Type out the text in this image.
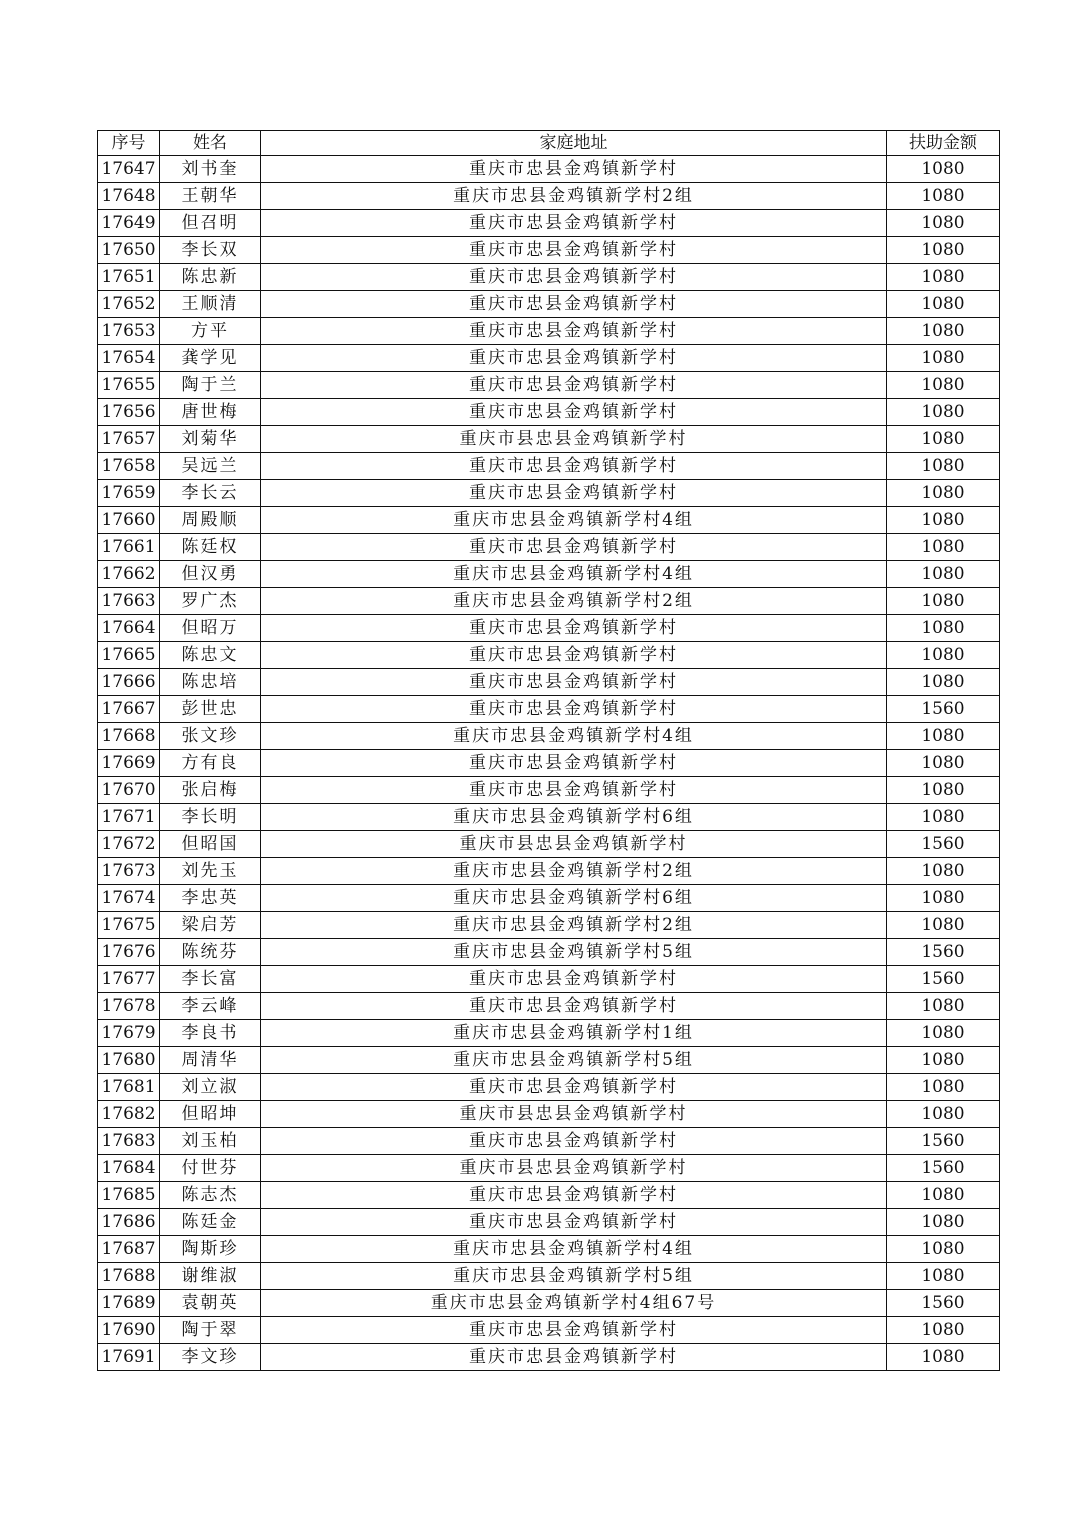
序号	姓名	家庭地址	扶助金额
17647	刘书奎	重庆市忠县金鸡镇新学村	1080
17648	王朝华	重庆市忠县金鸡镇新学村2组	1080
17649	但召明	重庆市忠县金鸡镇新学村	1080
17650	李长双	重庆市忠县金鸡镇新学村	1080
17651	陈忠新	重庆市忠县金鸡镇新学村	1080
17652	王顺清	重庆市忠县金鸡镇新学村	1080
17653	方平	重庆市忠县金鸡镇新学村	1080
17654	龚学见	重庆市忠县金鸡镇新学村	1080
17655	陶于兰	重庆市忠县金鸡镇新学村	1080
17656	唐世梅	重庆市忠县金鸡镇新学村	1080
17657	刘菊华	重庆市县忠县金鸡镇新学村	1080
17658	吴远兰	重庆市忠县金鸡镇新学村	1080
17659	李长云	重庆市忠县金鸡镇新学村	1080
17660	周殿顺	重庆市忠县金鸡镇新学村4组	1080
17661	陈廷权	重庆市忠县金鸡镇新学村	1080
17662	但汉勇	重庆市忠县金鸡镇新学村4组	1080
17663	罗广杰	重庆市忠县金鸡镇新学村2组	1080
17664	但昭万	重庆市忠县金鸡镇新学村	1080
17665	陈忠文	重庆市忠县金鸡镇新学村	1080
17666	陈忠培	重庆市忠县金鸡镇新学村	1080
17667	彭世忠	重庆市忠县金鸡镇新学村	1560
17668	张文珍	重庆市忠县金鸡镇新学村4组	1080
17669	方有良	重庆市忠县金鸡镇新学村	1080
17670	张启梅	重庆市忠县金鸡镇新学村	1080
17671	李长明	重庆市忠县金鸡镇新学村6组	1080
17672	但昭国	重庆市县忠县金鸡镇新学村	1560
17673	刘先玉	重庆市忠县金鸡镇新学村2组	1080
17674	李忠英	重庆市忠县金鸡镇新学村6组	1080
17675	梁启芳	重庆市忠县金鸡镇新学村2组	1080
17676	陈统芬	重庆市忠县金鸡镇新学村5组	1560
17677	李长富	重庆市忠县金鸡镇新学村	1560
17678	李云峰	重庆市忠县金鸡镇新学村	1080
17679	李良书	重庆市忠县金鸡镇新学村1组	1080
17680	周清华	重庆市忠县金鸡镇新学村5组	1080
17681	刘立淑	重庆市忠县金鸡镇新学村	1080
17682	但昭坤	重庆市县忠县金鸡镇新学村	1080
17683	刘玉柏	重庆市忠县金鸡镇新学村	1560
17684	付世芬	重庆市县忠县金鸡镇新学村	1560
17685	陈志杰	重庆市忠县金鸡镇新学村	1080
17686	陈廷金	重庆市忠县金鸡镇新学村	1080
17687	陶斯珍	重庆市忠县金鸡镇新学村4组	1080
17688	谢维淑	重庆市忠县金鸡镇新学村5组	1080
17689	袁朝英	重庆市忠县金鸡镇新学村4组67号	1560
17690	陶于翠	重庆市忠县金鸡镇新学村	1080
17691	李文珍	重庆市忠县金鸡镇新学村	1080
